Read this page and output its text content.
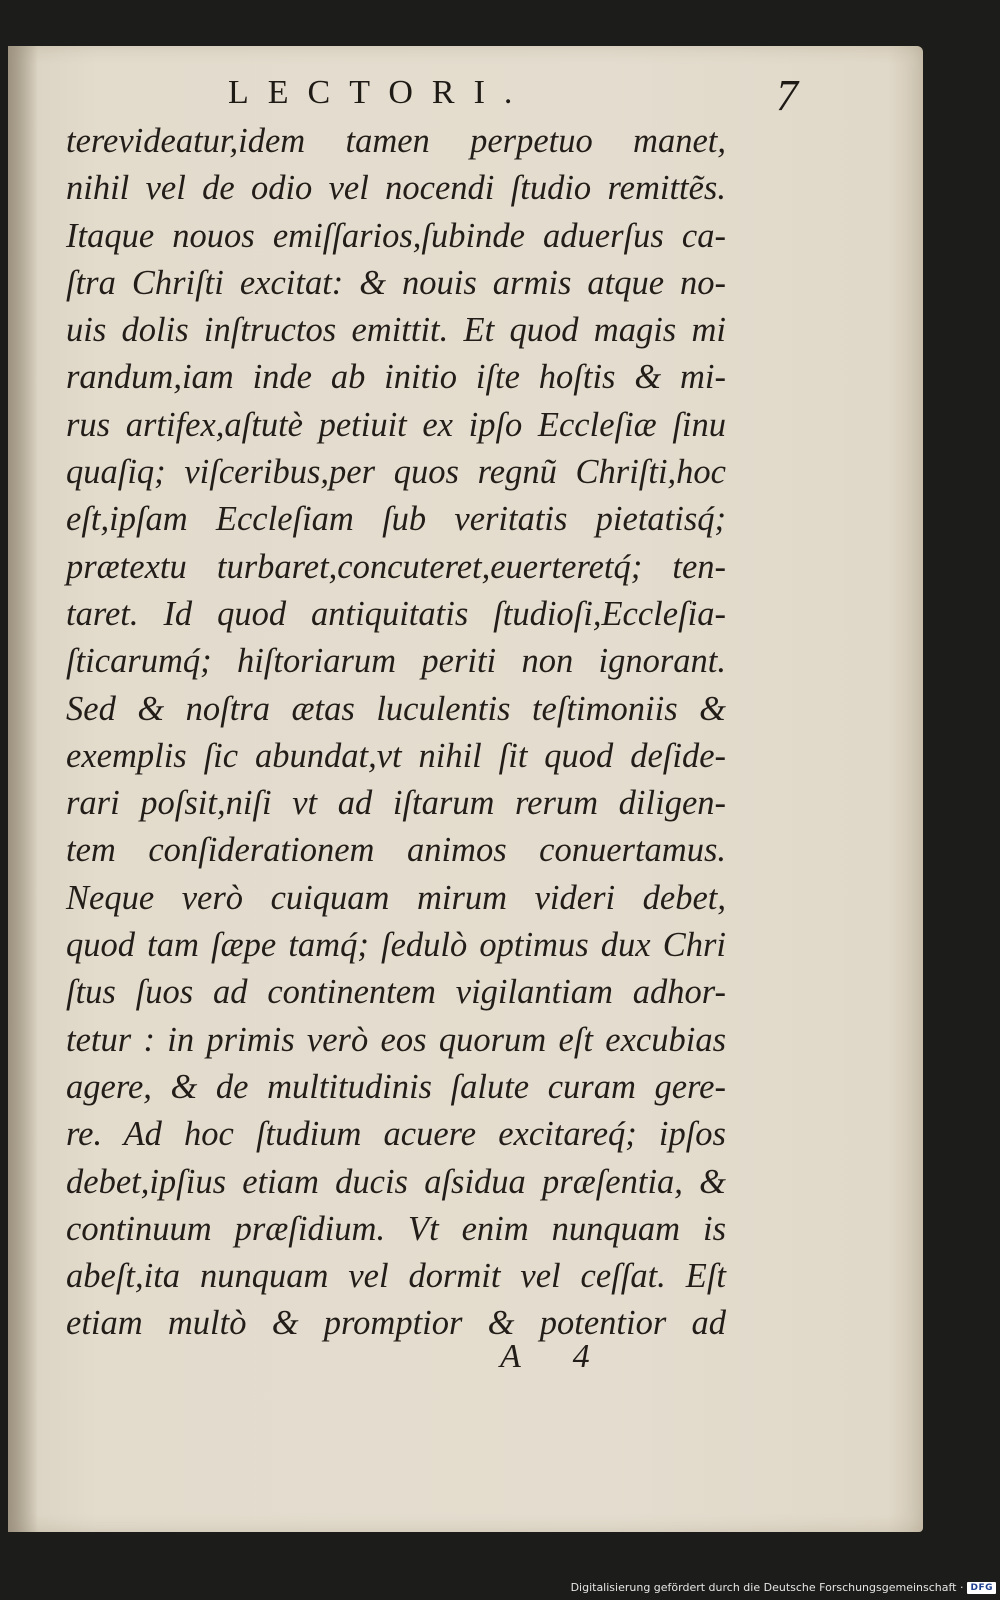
LECTORI.	7
terevideatur,idem tamen perpetuo manet,
nihil vel de odio vel nocendi ſtudio remittẽs.
Itaque nouos emiſſarios,ſubinde aduerſus ca-
ſtra Chriſti excitat: & nouis armis atque no-
uis dolis inſtructos emittit. Et quod magis mi
randum,iam inde ab initio iſte hoſtis & mi-
rus artifex,aſtutè petiuit ex ipſo Eccleſiæ ſinu
quaſiq; viſceribus,per quos regnũ Chriſti,hoc
eſt,ipſam Eccleſiam ſub veritatis pietatisq́;
prætextu turbaret,concuteret,euerteretq́; ten-
taret. Id quod antiquitatis ſtudioſi,Eccleſia-
ſticarumq́; hiſtoriarum periti non ignorant.
Sed & noſtra ætas luculentis teſtimoniis &
exemplis ſic abundat,vt nihil ſit quod deſide-
rari poſsit,niſi vt ad iſtarum rerum diligen-
tem conſiderationem animos conuertamus.
Neque verò cuiquam mirum videri debet,
quod tam ſæpe tamq́; ſedulò optimus dux Chri
ſtus ſuos ad continentem vigilantiam adhor-
tetur : in primis verò eos quorum eſt excubias
agere, & de multitudinis ſalute curam gere-
re. Ad hoc ſtudium acuere excitareq́; ipſos
debet,ipſius etiam ducis aſsidua præſentia, &
continuum præſidium. Vt enim nunquam is
abeſt,ita nunquam vel dormit vel ceſſat. Eſt
etiam multò & promptior & potentior ad
A 4
Digitalisierung gefördert durch die Deutsche Forschungsgemeinschaft · DFG
